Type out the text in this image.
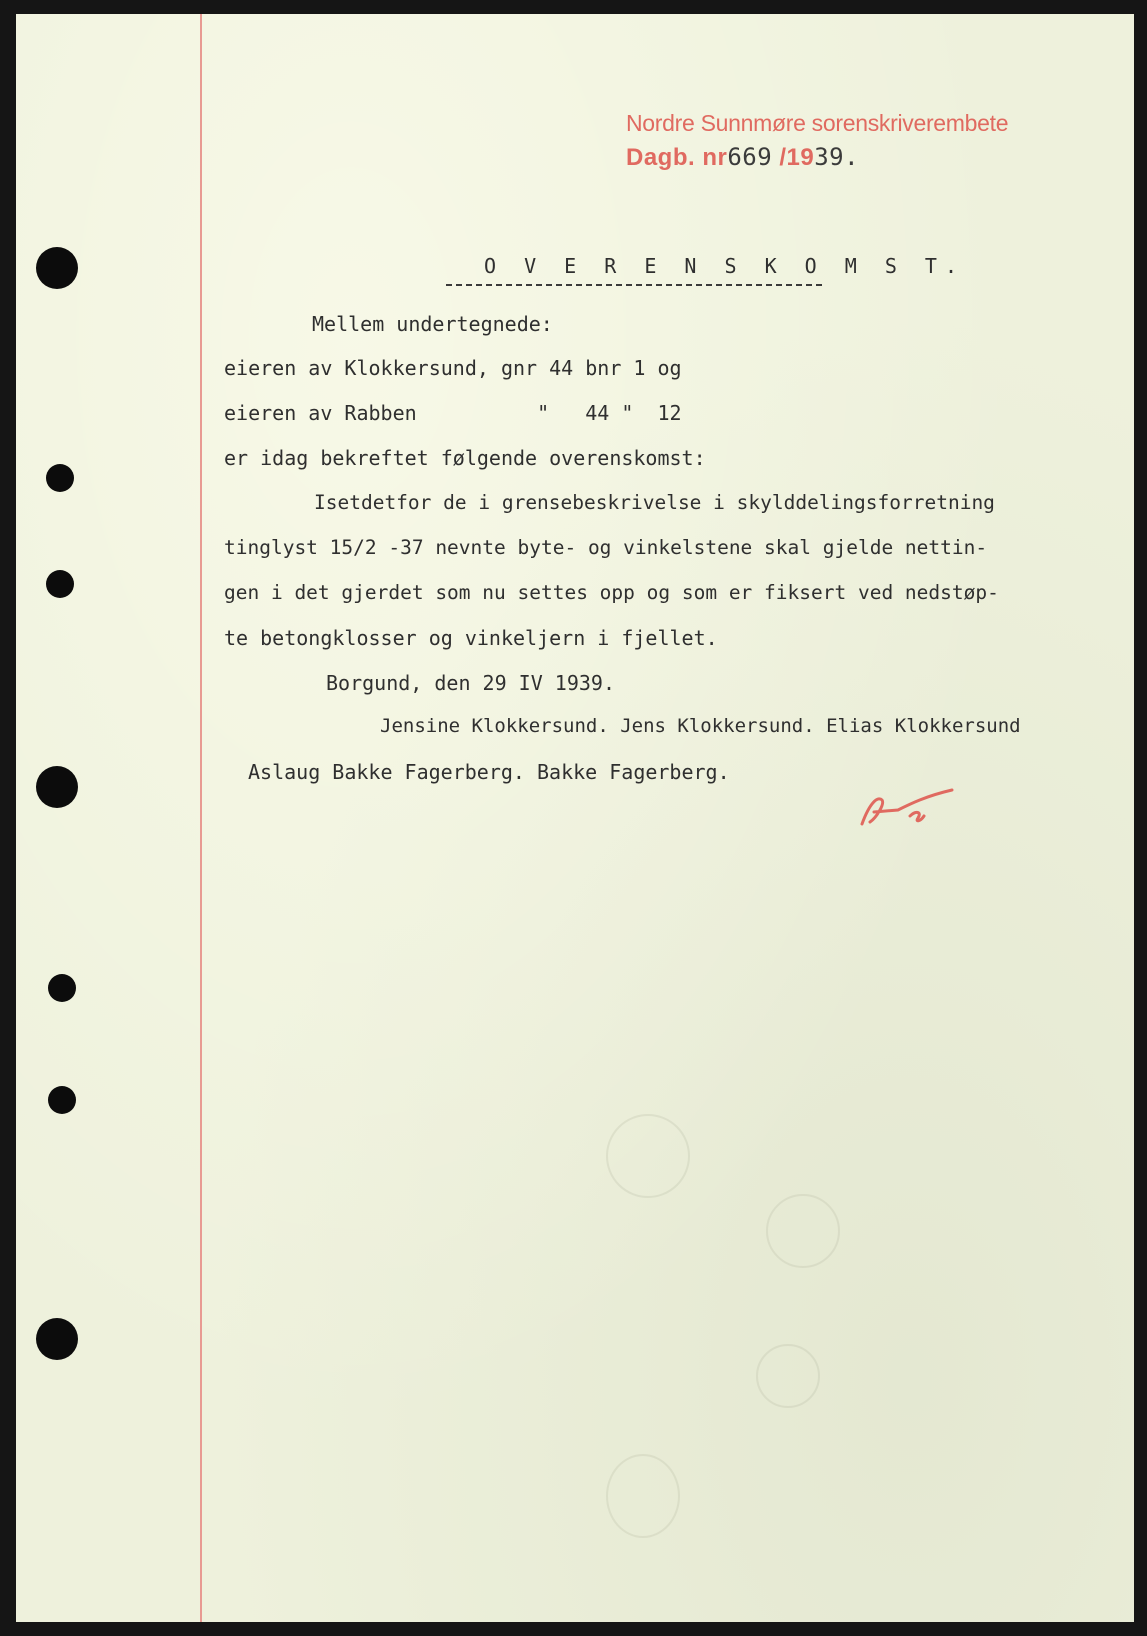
Nordre Sunnmøre sorenskriverembete
Dagb. nr669 /1939.
O V E R E N S K O M S T.
Mellem undertegnede:
eieren av Klokkersund, gnr 44 bnr 1 og
eieren av Rabben          "   44 "  12
er idag bekreftet følgende overenskomst:
Isetdetfor de i grensebeskrivelse i skylddelingsforretning
tinglyst 15/2 -37 nevnte byte- og vinkelstene skal gjelde nettin-
gen i det gjerdet som nu settes opp og som er fiksert ved nedstøp-
te betongklosser og vinkeljern i fjellet.
Borgund, den 29 IV 1939.
Jensine Klokkersund. Jens Klokkersund. Elias Klokkersund
Aslaug Bakke Fagerberg. Bakke Fagerberg.
